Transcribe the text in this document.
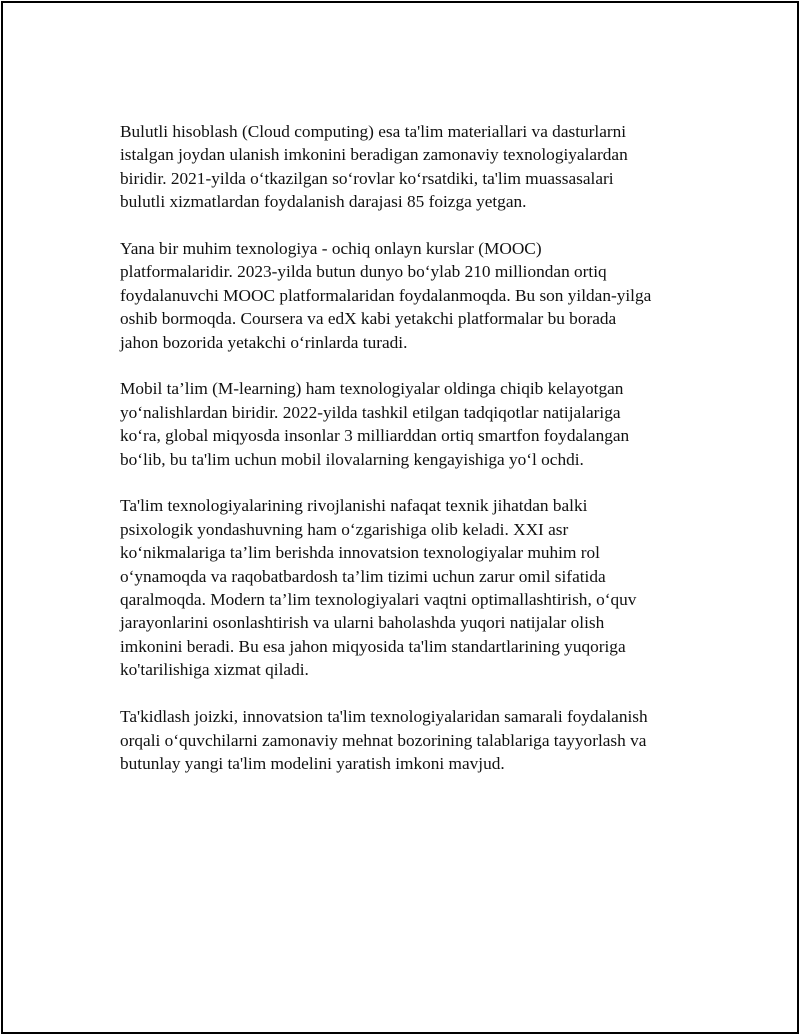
Bulutli hisoblash (Cloud computing) esa ta'lim materiallari va dasturlarni
istalgan joydan ulanish imkonini beradigan zamonaviy texnologiyalardan
biridir. 2021-yilda o‘tkazilgan so‘rovlar ko‘rsatdiki, ta'lim muassasalari
bulutli xizmatlardan foydalanish darajasi 85 foizga yetgan.

Yana bir muhim texnologiya - ochiq onlayn kurslar (MOOC)
platformalaridir. 2023-yilda butun dunyo bo‘ylab 210 milliondan ortiq
foydalanuvchi MOOC platformalaridan foydalanmoqda. Bu son yildan-yilga
oshib bormoqda. Coursera va edX kabi yetakchi platformalar bu borada
jahon bozorida yetakchi o‘rinlarda turadi.

Mobil ta’lim (M-learning) ham texnologiyalar oldinga chiqib kelayotgan
yo‘nalishlardan biridir. 2022-yilda tashkil etilgan tadqiqotlar natijalariga
ko‘ra, global miqyosda insonlar 3 milliarddan ortiq smartfon foydalangan
bo‘lib, bu ta'lim uchun mobil ilovalarning kengayishiga yo‘l ochdi.

Ta'lim texnologiyalarining rivojlanishi nafaqat texnik jihatdan balki
psixologik yondashuvning ham o‘zgarishiga olib keladi. XXI asr
ko‘nikmalariga ta’lim berishda innovatsion texnologiyalar muhim rol
o‘ynamoqda va raqobatbardosh ta’lim tizimi uchun zarur omil sifatida
qaralmoqda. Modern ta’lim texnologiyalari vaqtni optimallashtirish, o‘quv
jarayonlarini osonlashtirish va ularni baholashda yuqori natijalar olish
imkonini beradi. Bu esa jahon miqyosida ta'lim standartlarining yuqoriga
ko'tarilishiga xizmat qiladi.

Ta'kidlash joizki, innovatsion ta'lim texnologiyalaridan samarali foydalanish
orqali o‘quvchilarni zamonaviy mehnat bozorining talablariga tayyorlash va
butunlay yangi ta'lim modelini yaratish imkoni mavjud.
